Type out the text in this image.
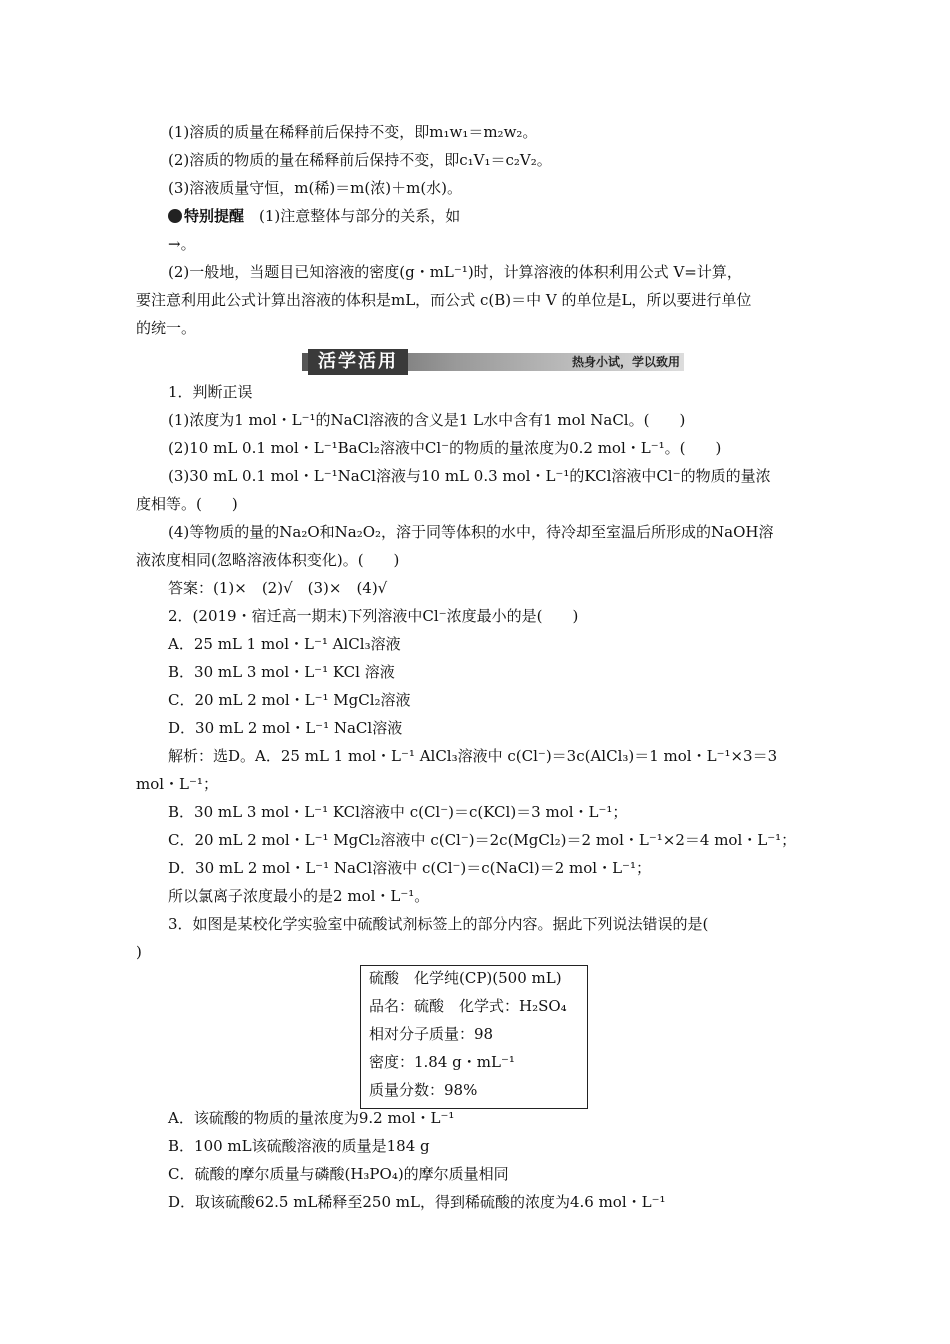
(1)溶质的质量在稀释前后保持不变，即m₁w₁＝m₂w₂。
(2)溶质的物质的量在稀释前后保持不变，即c₁V₁＝c₂V₂。
(3)溶液质量守恒，m(稀)＝m(浓)＋m(水)。
特别提醒　 (1)注意整体与部分的关系，如
→。
(2)一般地，当题目已知溶液的密度(g・mL⁻¹)时，计算溶液的体积利用公式 V=计算，
要注意利用此公式计算出溶液的体积是mL，而公式 c(B)＝中 V 的单位是L，所以要进行单位
的统一。
活学活用	热身小试，学以致用
1．判断正误
(1)浓度为1 mol・L⁻¹的NaCl溶液的含义是1 L水中含有1 mol NaCl。(　　)
(2)10 mL 0.1 mol・L⁻¹BaCl₂溶液中Cl⁻的物质的量浓度为0.2 mol・L⁻¹。(　　)
(3)30 mL 0.1 mol・L⁻¹NaCl溶液与10 mL 0.3 mol・L⁻¹的KCl溶液中Cl⁻的物质的量浓
度相等。(　　)
(4)等物质的量的Na₂O和Na₂O₂，溶于同等体积的水中，待冷却至室温后所形成的NaOH溶
液浓度相同(忽略溶液体积变化)。(　　)
答案：(1)×　(2)√　(3)×　(4)√
2．(2019・宿迁高一期末)下列溶液中Cl⁻浓度最小的是(　　)
A．25 mL 1 mol・L⁻¹ AlCl₃溶液
B．30 mL 3 mol・L⁻¹ KCl 溶液
C．20 mL 2 mol・L⁻¹ MgCl₂溶液
D．30 mL 2 mol・L⁻¹ NaCl溶液
解析：选D。A．25 mL 1 mol・L⁻¹ AlCl₃溶液中 c(Cl⁻)＝3c(AlCl₃)＝1 mol・L⁻¹×3＝3
mol・L⁻¹；
B．30 mL 3 mol・L⁻¹ KCl溶液中 c(Cl⁻)＝c(KCl)＝3 mol・L⁻¹；
C．20 mL 2 mol・L⁻¹ MgCl₂溶液中 c(Cl⁻)＝2c(MgCl₂)＝2 mol・L⁻¹×2＝4 mol・L⁻¹；
D．30 mL 2 mol・L⁻¹ NaCl溶液中 c(Cl⁻)＝c(NaCl)＝2 mol・L⁻¹；
所以氯离子浓度最小的是2 mol・L⁻¹。
3．如图是某校化学实验室中硫酸试剂标签上的部分内容。据此下列说法错误的是(
)
硫酸　化学纯(CP)(500 mL)
品名：硫酸　化学式：H₂SO₄
相对分子质量：98
密度：1.84 g・mL⁻¹
质量分数：98%
A．该硫酸的物质的量浓度为9.2 mol・L⁻¹
B．100 mL该硫酸溶液的质量是184 g
C．硫酸的摩尔质量与磷酸(H₃PO₄)的摩尔质量相同
D．取该硫酸62.5 mL稀释至250 mL，得到稀硫酸的浓度为4.6 mol・L⁻¹
